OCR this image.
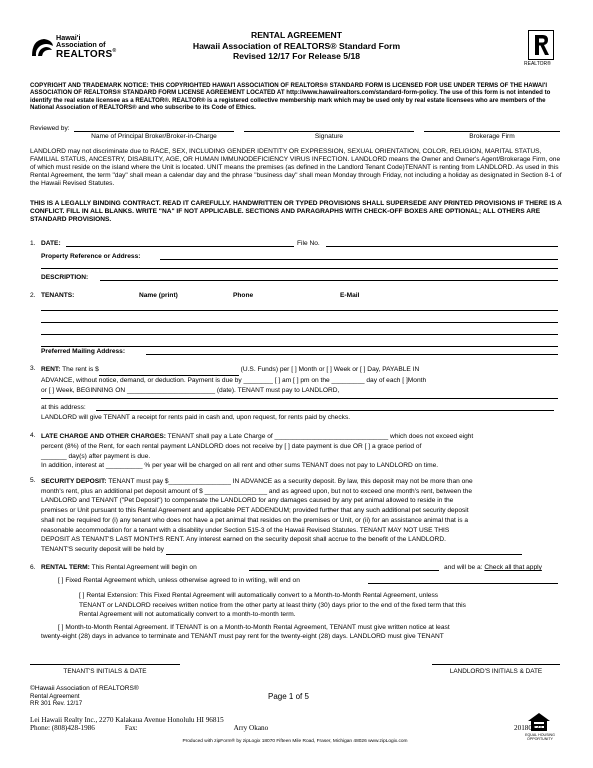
Hawai'i
Association of
REALTORS®
RENTAL AGREEMENT
Hawaii Association of REALTORS® Standard Form
Revised 12/17 For Release 5/18
REALTOR®
COPYRIGHT AND TRADEMARK NOTICE: THIS COPYRIGHTED HAWAI'I ASSOCIATION OF REALTORS® STANDARD FORM IS LICENSED FOR USE UNDER TERMS OF THE HAWAI'I ASSOCIATION OF REALTORS® STANDARD FORM LICENSE AGREEMENT LOCATED AT http://www.hawaiirealtors.com/standard-form-policy. The use of this form is not intended to identify the real estate licensee as a REALTOR®. REALTOR® is a registered collective membership mark which may be used only by real estate licensees who are members of the National Association of REALTORS® and who subscribe to its Code of Ethics.
Reviewed by:
Name of Principal Broker/Broker-in-Charge	Signature	Brokerage Firm
LANDLORD may not discriminate due to RACE, SEX, INCLUDING GENDER IDENTITY OR EXPRESSION, SEXUAL ORIENTATION, COLOR, RELIGION, MARITAL STATUS, FAMILIAL STATUS, ANCESTRY, DISABILITY, AGE, OR HUMAN IMMUNODEFICIENCY VIRUS INFECTION. LANDLORD means the Owner and Owner's Agent/Brokerage Firm, one of which must reside on the island where the Unit is located. UNIT means the premises (as defined in the Landlord Tenant Code)TENANT is renting from LANDLORD. As used in this Rental Agreement, the term "day" shall mean a calendar day and the phrase "business day" shall mean Monday through Friday, not including a holiday as designated in Section 8-1 of the Hawaii Revised Statutes.
THIS IS A LEGALLY BINDING CONTRACT. READ IT CAREFULLY. HANDWRITTEN OR TYPED PROVISIONS SHALL SUPERSEDE ANY PRINTED PROVISIONS IF THERE IS A CONFLICT. FILL IN ALL BLANKS. WRITE "NA" IF NOT APPLICABLE. SECTIONS AND PARAGRAPHS WITH CHECK-OFF BOXES ARE OPTIONAL; ALL OTHERS ARE STANDARD PROVISIONS.
1. DATE:	File No.
Property Reference or Address:
DESCRIPTION:
2. TENANTS:	Name (print)	Phone	E-Mail
Preferred Mailing Address:
3. RENT: The rent is $	(U.S. Funds) per [ ] Month or [ ] Week or [ ] Day, PAYABLE IN
ADVANCE, without notice, demand, or deduction. Payment is due by ________ [ ] am [ ] pm on the _________ day of each [ ]Month
or [ ] Week, BEGINNING ON ________________________ (date). TENANT must pay to LANDLORD,
at this address:
LANDLORD will give TENANT a receipt for rents paid in cash and, upon request, for rents paid by checks.
4. LATE CHARGE AND OTHER CHARGES: TENANT shall pay a Late Charge of _______________________________ which does not exceed eight
percent (8%) of the Rent, for each rental payment LANDLORD does not receive by [ ] date payment is due OR [ ] a grace period of
_______ day(s) after payment is due.
In addition, interest at __________ % per year will be charged on all rent and other sums TENANT does not pay to LANDLORD on time.
5. SECURITY DEPOSIT: TENANT must pay $_________________ IN ADVANCE as a security deposit. By law, this deposit may not be more than one
month's rent, plus an additional pet deposit amount of $ _________________ and as agreed upon, but not to exceed one month's rent, between the
LANDLORD and TENANT ("Pet Deposit") to compensate the LANDLORD for any damages caused by any pet animal allowed to reside in the
premises or Unit pursuant to this Rental Agreement and applicable PET ADDENDUM; provided further that any such additional pet security deposit
shall not be required for (i) any tenant who does not have a pet animal that resides on the premises or Unit, or (ii) for an assistance animal that is a
reasonable accommodation for a tenant with a disability under Section 515-3 of the Hawaii Revised Statutes. TENANT MAY NOT USE THIS
DEPOSIT AS TENANT'S LAST MONTH'S RENT. Any interest earned on the security deposit shall accrue to the benefit of the LANDLORD.
TENANT'S security deposit will be held by
6. RENTAL TERM: This Rental Agreement will begin on	and will be a: Check all that apply
[ ] Fixed Rental Agreement which, unless otherwise agreed to in writing, will end on
[ ] Rental Extension: This Fixed Rental Agreement will automatically convert to a Month-to-Month Rental Agreement, unless
TENANT or LANDLORD receives written notice from the other party at least thirty (30) days prior to the end of the fixed term that this
Rental Agreement will not automatically convert to a month-to-month term.
[ ] Month-to-Month Rental Agreement. If TENANT is on a Month-to-Month Rental Agreement, TENANT must give written notice at least
twenty-eight (28) days in advance to terminate and TENANT must pay rent for the twenty-eight (28) days. LANDLORD must give TENANT
TENANT'S INITIALS & DATE	LANDLORD'S INITIALS & DATE
©Hawaii Association of REALTORS®
Rental Agreement
RR 301 Rev. 12/17
Page 1 of 5
EQUAL HOUSING OPPORTUNITY
Lei Hawaii Realty Inc., 2270 Kalakaua Avenue Honolulu HI 96815
Phone: (808)428-1986	Fax:	Arry Okano	20180821
Produced with zipForm® by zipLogix 18070 Fifteen Mile Road, Fraser, Michigan 48026 www.zipLogix.com
